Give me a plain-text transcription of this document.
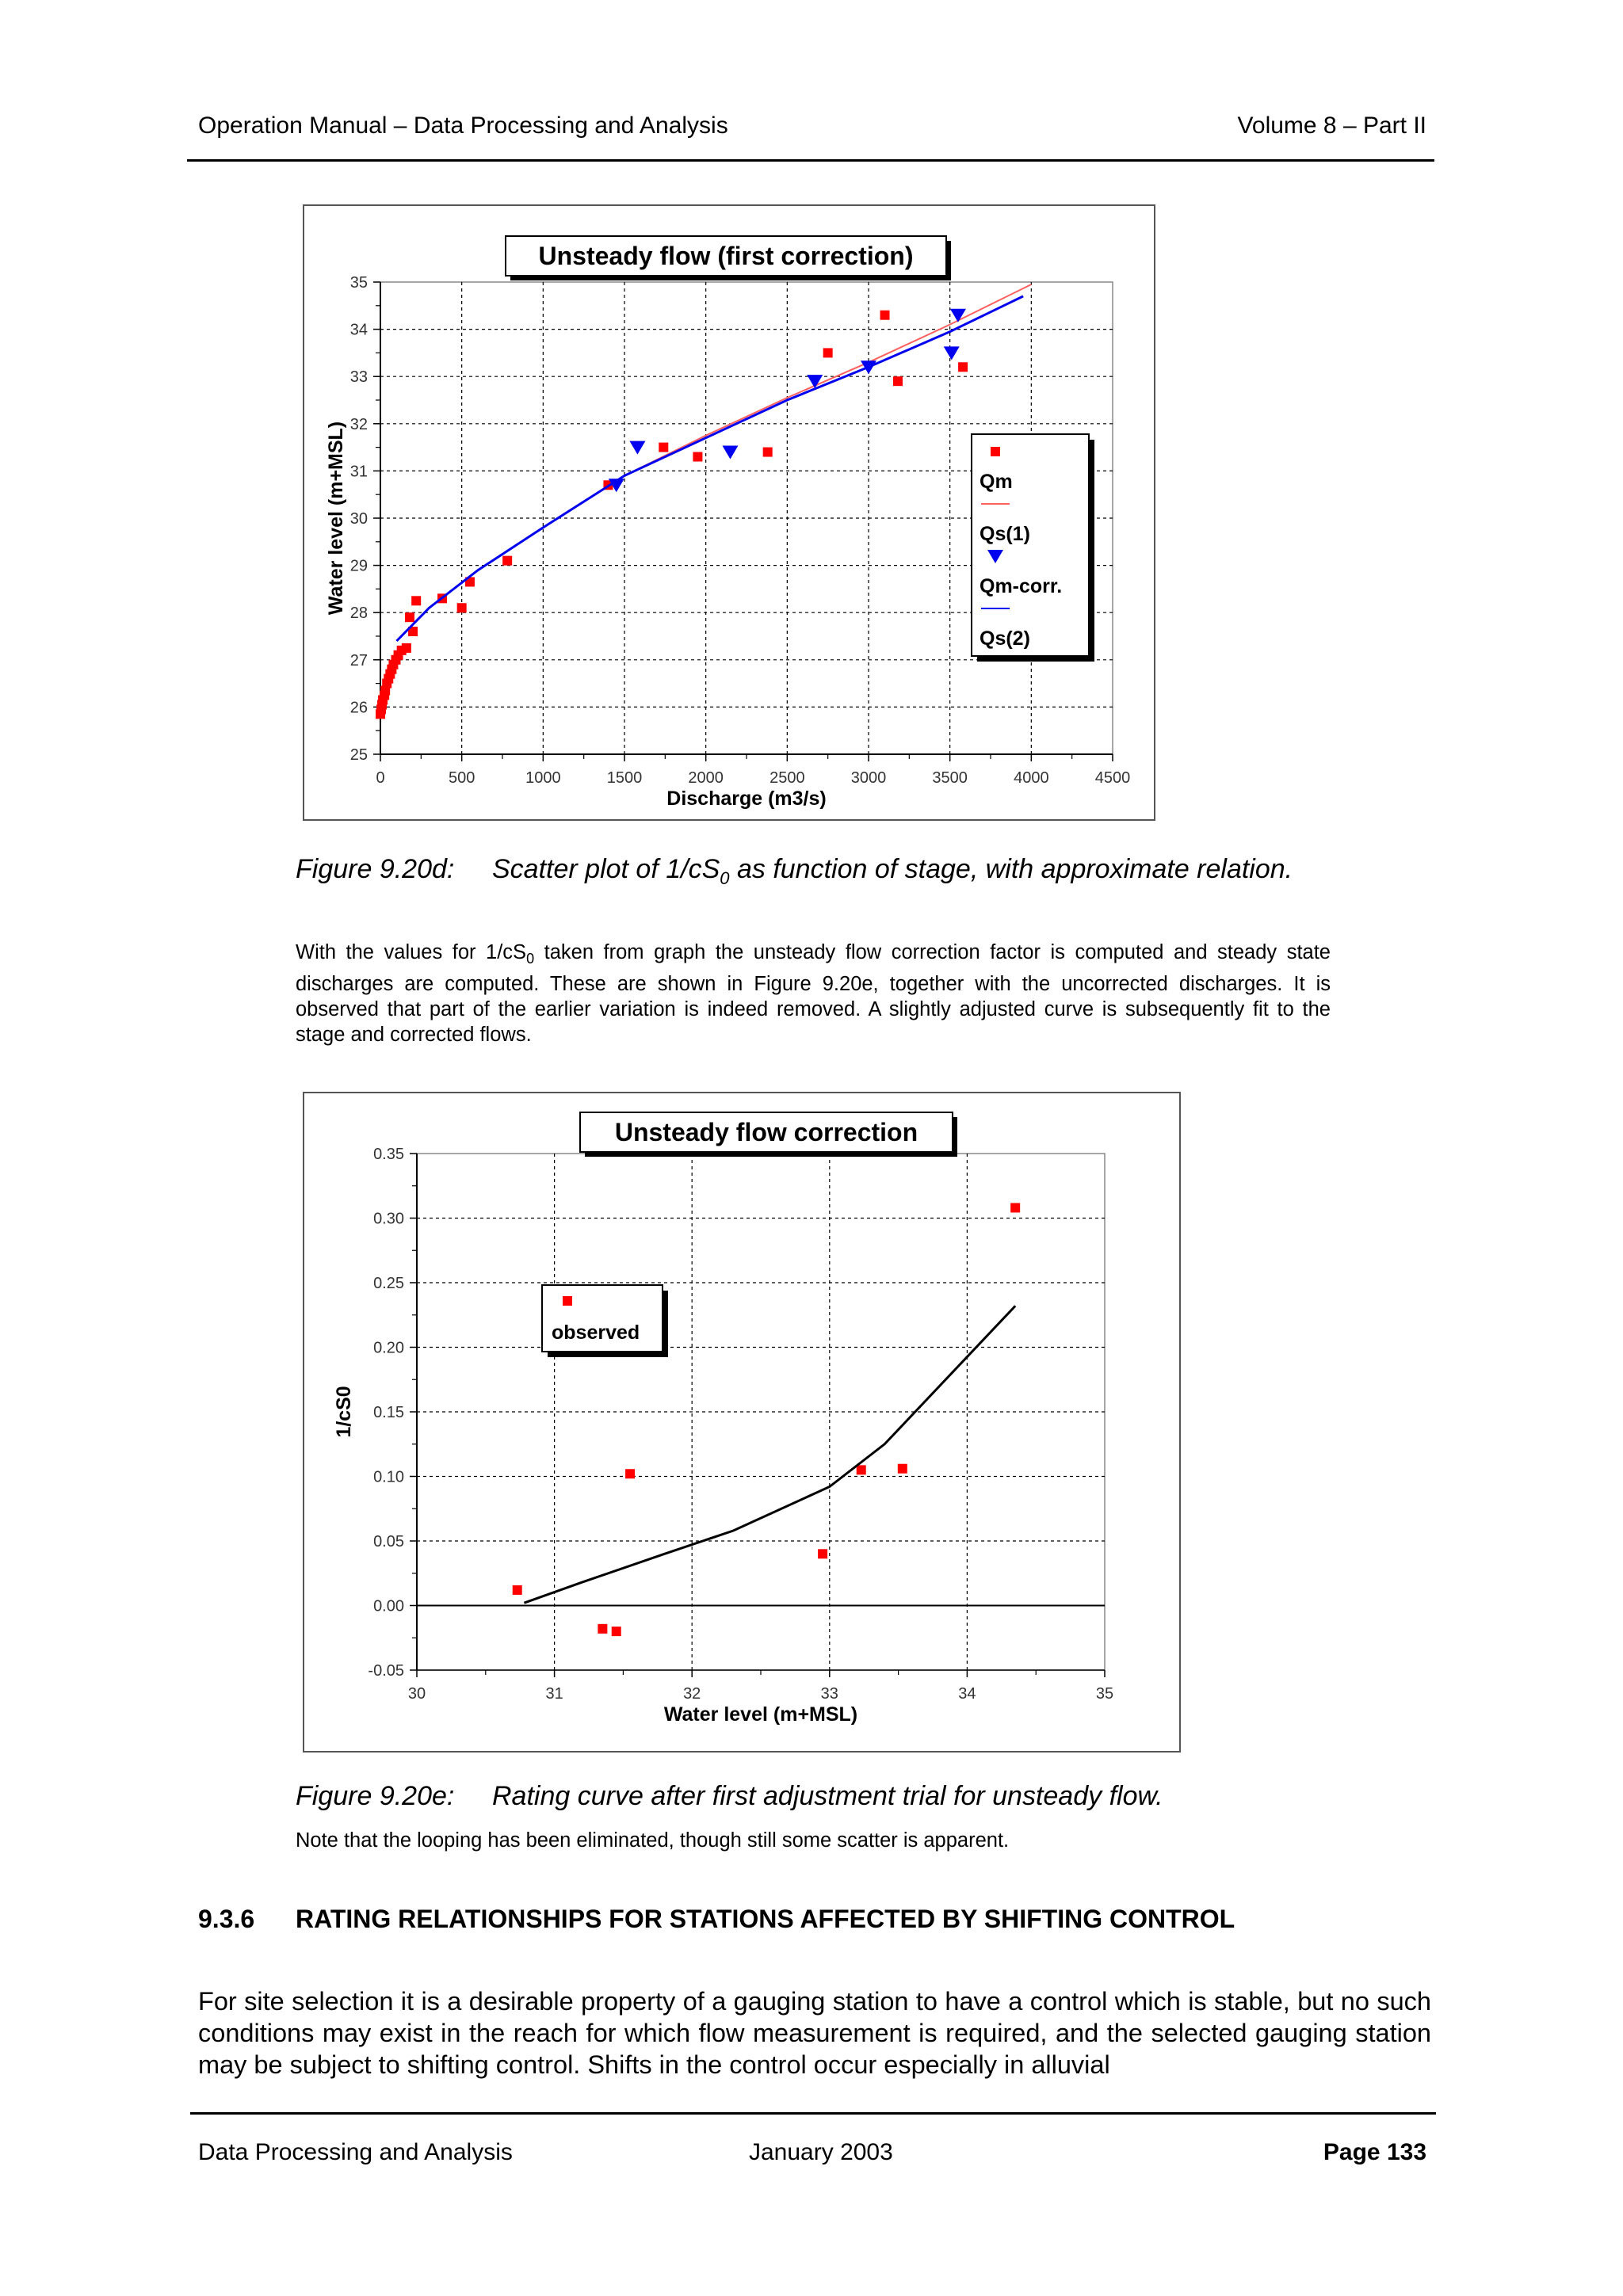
Operation Manual – Data Processing and Analysis	Volume 8 – Part II
0	500	1000	1500	2000	2500	3000	3500	4000	4500
25
26
27
28
29
30
31
32
33
34
35
Discharge (m3/s)
Water level (m+MSL)
Unsteady flow (first correction)
Qm
Qs(1)
Qm-corr.
Qs(2)
Figure 9.20d: Scatter plot of $1/cS_0$ as function of stage, with approximate relation.
With the values for $1/cS_0$ taken from graph the unsteady flow correction factor is computed and steady state discharges are computed. These are shown in Figure 9.20e, together with the uncorrected discharges. It is observed that part of the earlier variation is indeed removed. A slightly adjusted curve is subsequently fit to the stage and corrected flows.
30	31	32	33	34	35
-0.05
0.00
0.05
0.10
0.15
0.20
0.25
0.30
0.35
Water level (m+MSL)
1/cS0
Unsteady flow correction
observed
Figure 9.20e: Rating curve after first adjustment trial for unsteady flow.
Note that the looping has been eliminated, though still some scatter is apparent.
9.3.6 RATING RELATIONSHIPS FOR STATIONS AFFECTED BY SHIFTING CONTROL
For site selection it is a desirable property of a gauging station to have a control which is stable, but no such conditions may exist in the reach for which flow measurement is required, and the selected gauging station may be subject to shifting control. Shifts in the control occur especially in alluvial
Data Processing and Analysis	January 2003	Page 133
